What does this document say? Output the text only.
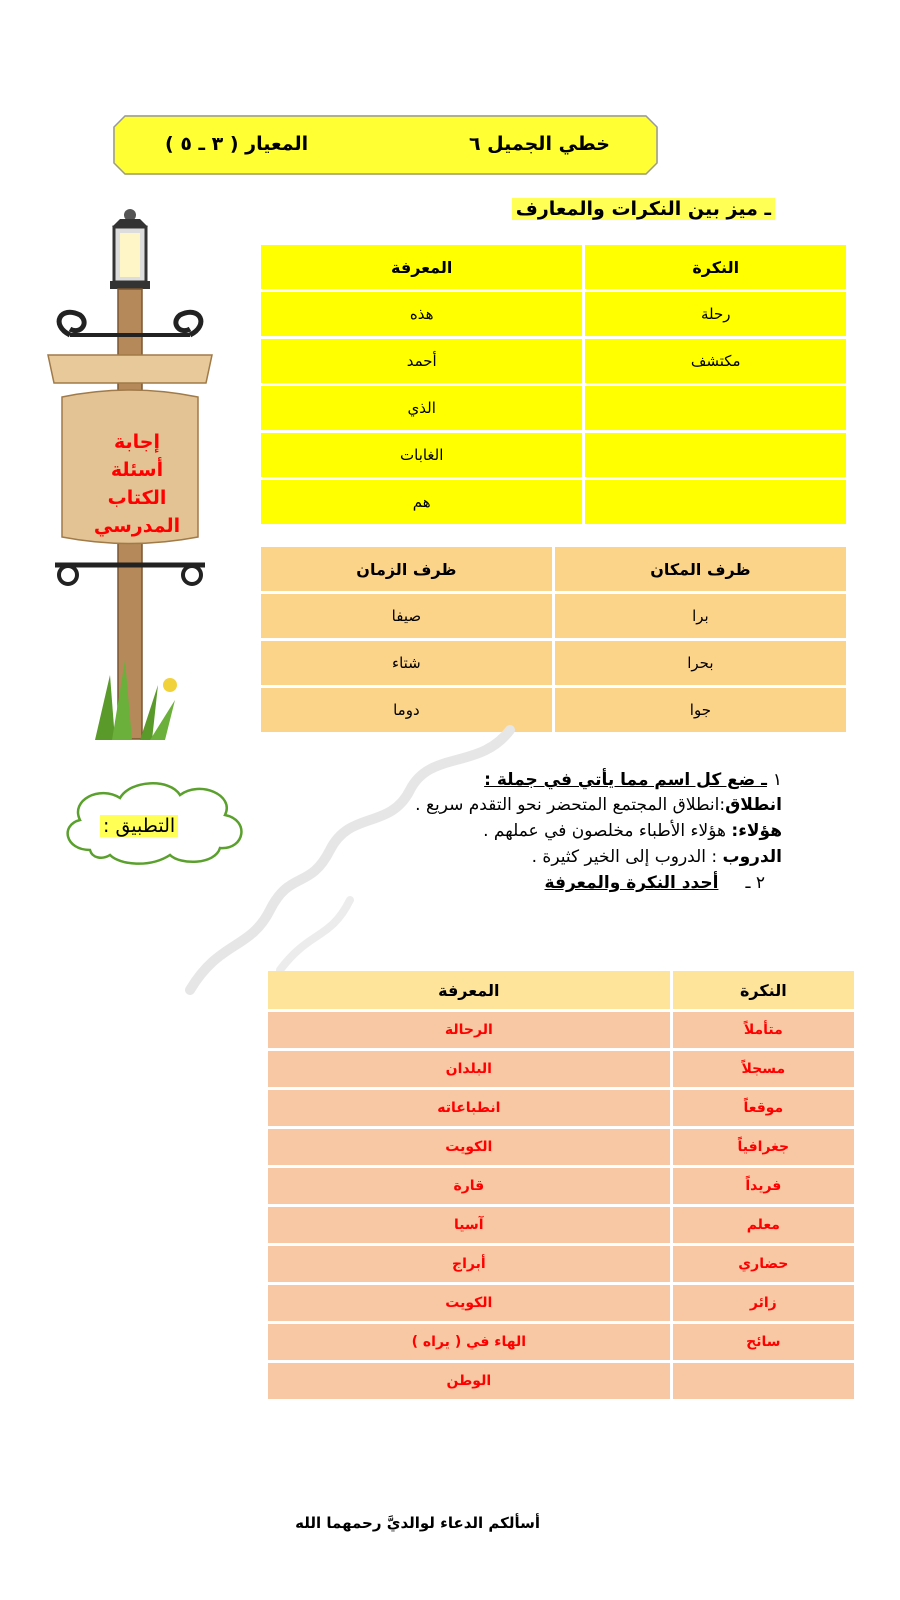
خطي الجميل ٦
المعيار ( ٣ ـ ٥ )
ـ ميز بين النكرات والمعارف
إجابة
أسئلة
الكتاب
المدرسي
النكرة	المعرفة
رحلة	هذه
مكتشف	أحمد
	الذي
	الغابات
	هم
ظرف المكان	ظرف الزمان
برا	صيفا
بحرا	شتاء
جوا	دوما
التطبيق :
١ ـ ضع كل اسم مما يأتي في جملة :
انطلاق:انطلاق المجتمع المتحضر نحو التقدم سريع .
هؤلاء: هؤلاء الأطباء مخلصون في عملهم .
الدروب : الدروب إلى الخير كثيرة .
٢ ـ     أحدد النكرة والمعرفة
النكرة	المعرفة
متأملاً	الرحالة
مسجلاً	البلدان
موقعاً	انطباعاته
جغرافياً	الكويت
فريداً	قارة
معلم	آسيا
حضاري	أبراج
زائر	الكويت
سائح	الهاء في ( يراه )
	الوطن
أسألكم الدعاء لوالديَّ رحمهما الله
